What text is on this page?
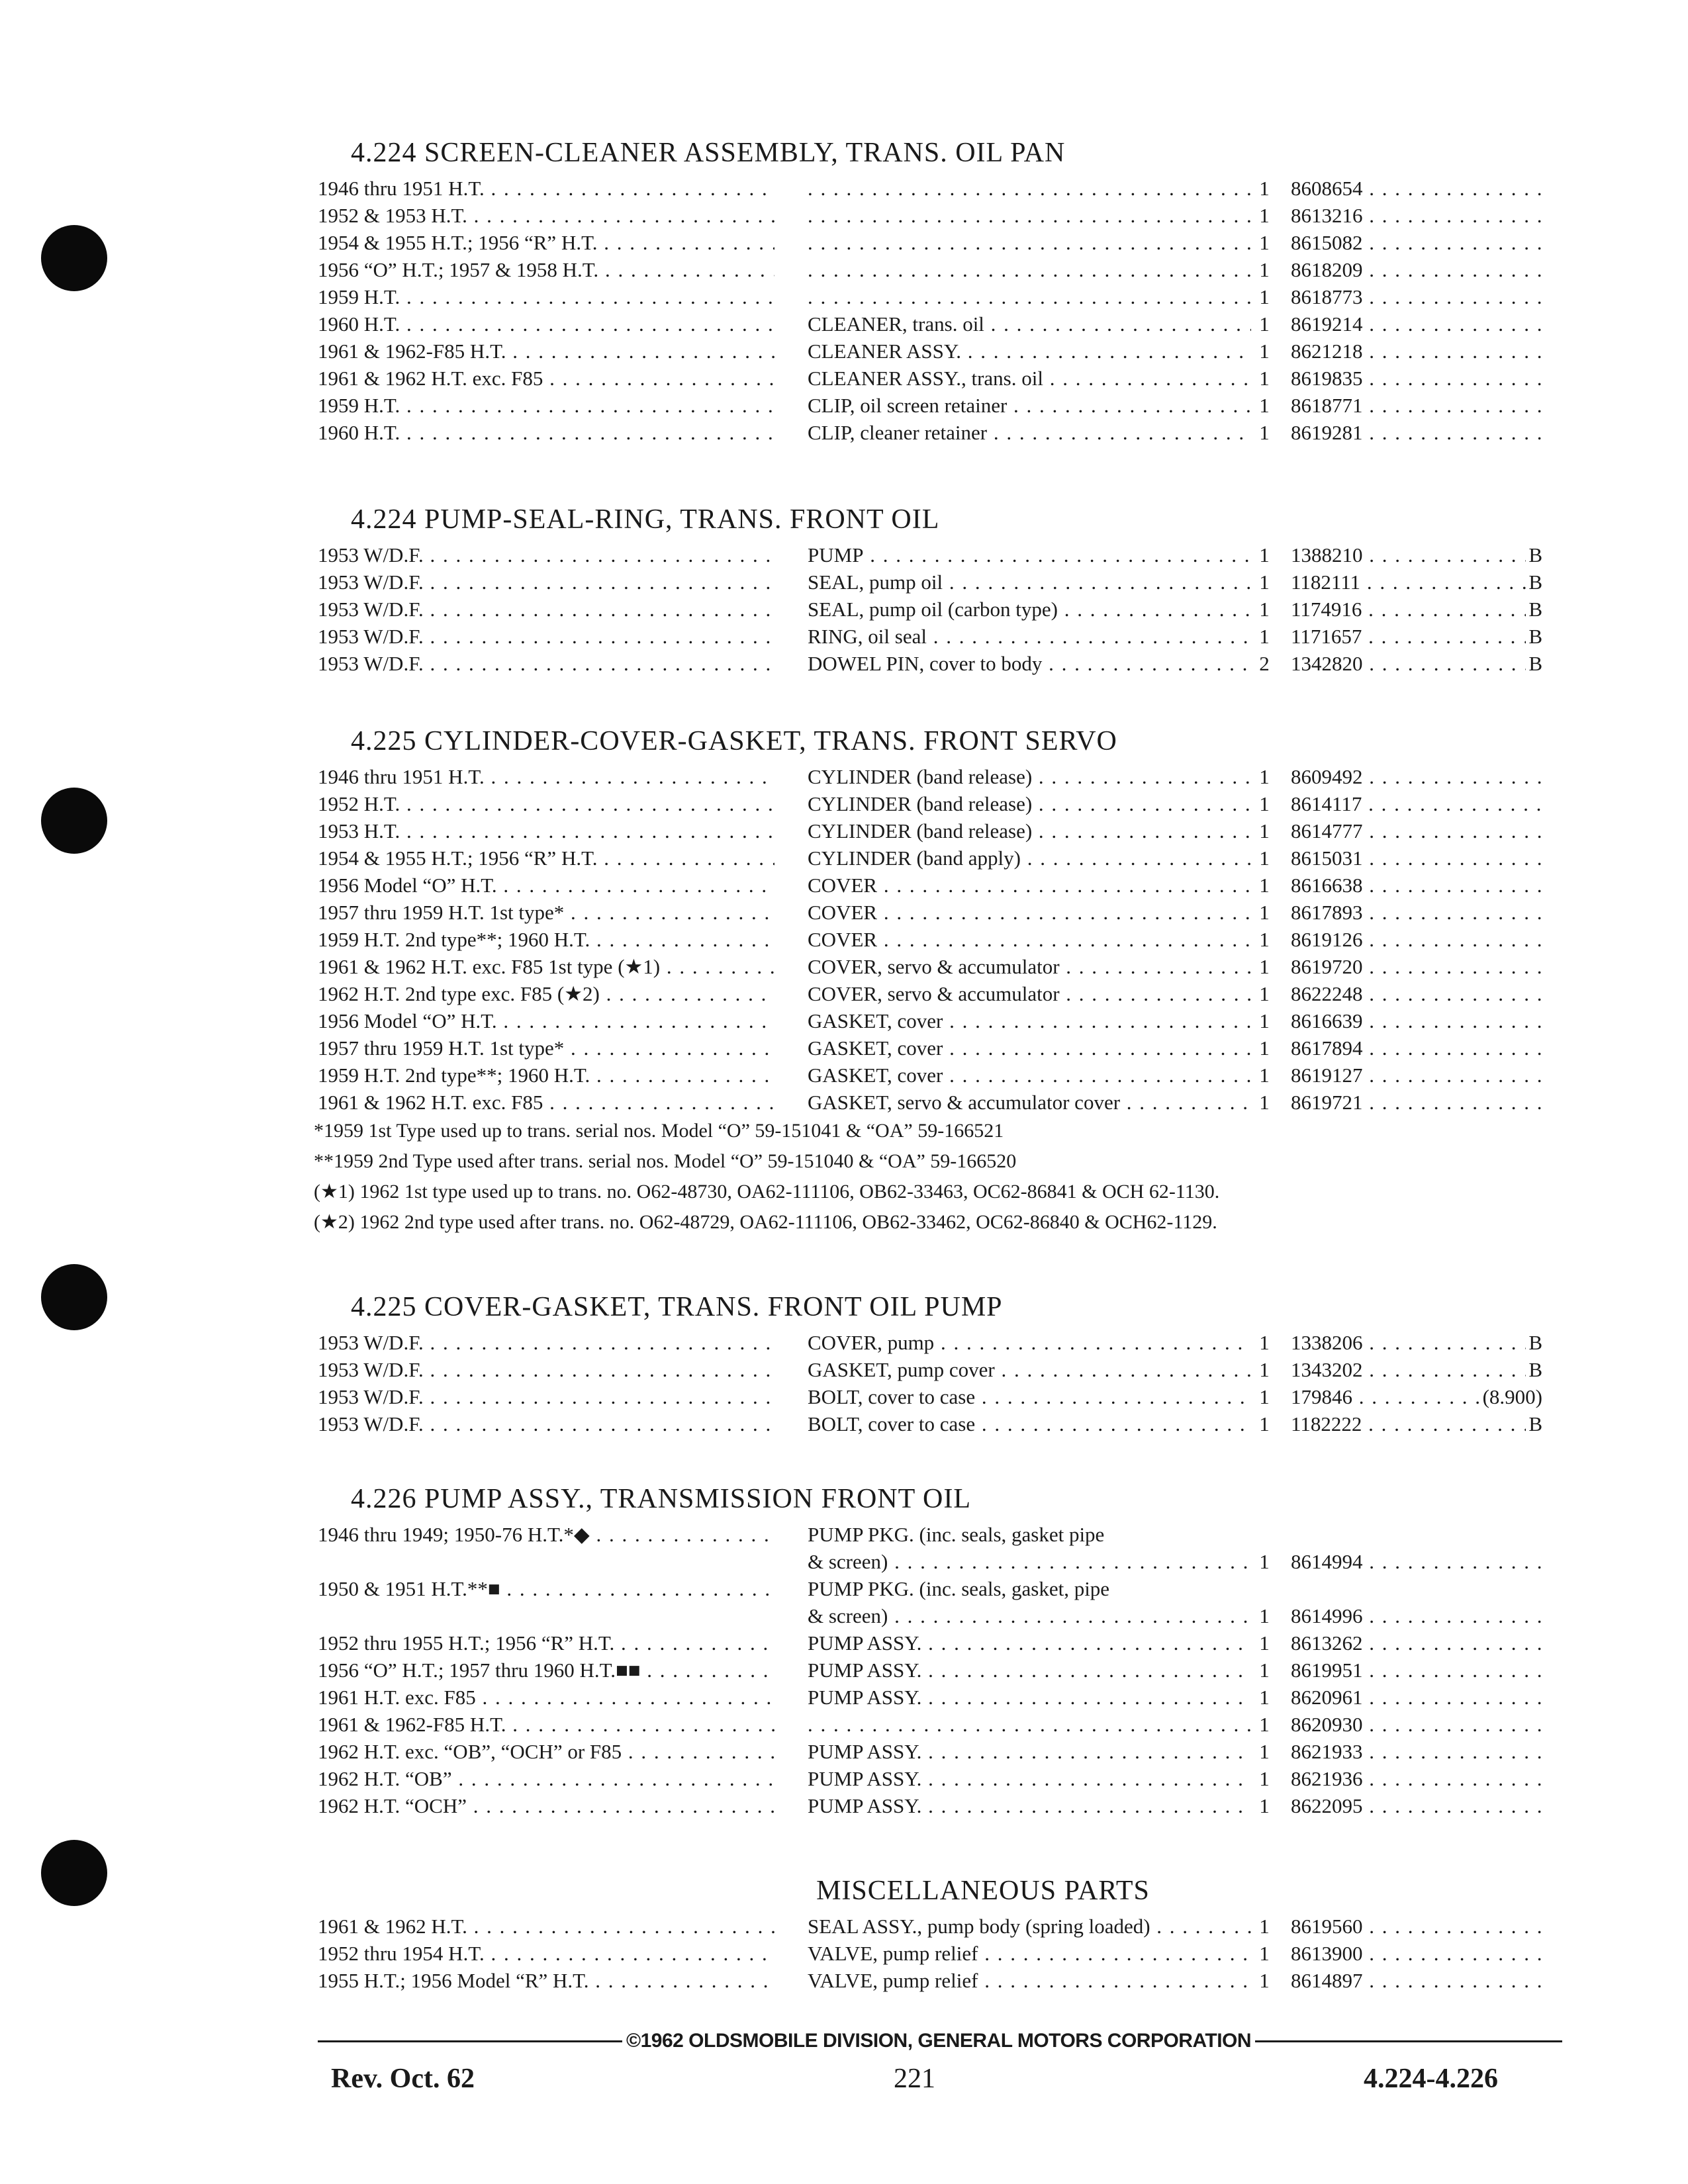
4.224 SCREEN-CLEANER ASSEMBLY, TRANS. OIL PAN
1946 thru 1951 H.T. . . . . . .	1 8608654 . . .
1952 & 1953 H.T. . . . . . .	1 8613216 . . .
1954 & 1955 H.T.; 1956 “R” H.T. . . . . . .	1 8615082 . . .
1956 “O” H.T.; 1957 & 1958 H.T. . . . . . .	1 8618209 . . .
1959 H.T. . . . . . .	1 8618773 . . .
1960 H.T. . . .	CLEANER, trans. oil . . .	1 8619214 . . .
1961 & 1962-F85 H.T. . . .	CLEANER ASSY. . . .	1 8621218 . . .
1961 & 1962 H.T. exc. F85 . . .	CLEANER ASSY., trans. oil . . .	1 8619835 . . .
1959 H.T. . . .	CLIP, oil screen retainer . . .	1 8618771 . . .
1960 H.T. . . .	CLIP, cleaner retainer . . .	1 8619281 . . .
4.224 PUMP-SEAL-RING, TRANS. FRONT OIL
1953 W/D.F. . . .	PUMP . . .	1 1388210 . . .	B
1953 W/D.F. . . .	SEAL, pump oil . . .	1 1182111 . . .	B
1953 W/D.F. . . .	SEAL, pump oil (carbon type) . . .	1 1174916 . . .	B
1953 W/D.F. . . .	RING, oil seal . . .	1 1171657 . . .	B
1953 W/D.F. . . .	DOWEL PIN, cover to body . . .	2 1342820 . . .	B
4.225 CYLINDER-COVER-GASKET, TRANS. FRONT SERVO
1946 thru 1951 H.T. . . .	CYLINDER (band release) . . .	1 8609492 . . .
1952 H.T. . . .	CYLINDER (band release) . . .	1 8614117 . . .
1953 H.T. . . .	CYLINDER (band release) . . .	1 8614777 . . .
1954 & 1955 H.T.; 1956 “R” H.T. . . .	CYLINDER (band apply) . . .	1 8615031 . . .
1956 Model “O” H.T. . . .	COVER . . .	1 8616638 . . .
1957 thru 1959 H.T. 1st type* . . .	COVER . . .	1 8617893 . . .
1959 H.T. 2nd type**; 1960 H.T. . . .	COVER . . .	1 8619126 . . .
1961 & 1962 H.T. exc. F85 1st type (★1) . . .	COVER, servo & accumulator . . .	1 8619720 . . .
1962 H.T. 2nd type exc. F85 (★2) . . .	COVER, servo & accumulator . . .	1 8622248 . . .
1956 Model “O” H.T. . . .	GASKET, cover . . .	1 8616639 . . .
1957 thru 1959 H.T. 1st type* . . .	GASKET, cover . . .	1 8617894 . . .
1959 H.T. 2nd type**; 1960 H.T. . . .	GASKET, cover . . .	1 8619127 . . .
1961 & 1962 H.T. exc. F85 . . .	GASKET, servo & accumulator cover . . .	1 8619721 . . .
*1959 1st Type used up to trans. serial nos. Model “O” 59-151041 & “OA” 59-166521
**1959 2nd Type used after trans. serial nos. Model “O” 59-151040 & “OA” 59-166520
(★1) 1962 1st type used up to trans. no. O62-48730, OA62-111106, OB62-33463, OC62-86841 & OCH 62-1130.
(★2) 1962 2nd type used after trans. no. O62-48729, OA62-111106, OB62-33462, OC62-86840 & OCH62-1129.
4.225 COVER-GASKET, TRANS. FRONT OIL PUMP
1953 W/D.F. . . .	COVER, pump . . .	1 1338206 . . .	B
1953 W/D.F. . . .	GASKET, pump cover . . .	1 1343202 . . .	B
1953 W/D.F. . . .	BOLT, cover to case . . .	1 179846 . . .	(8.900)
1953 W/D.F. . . .	BOLT, cover to case . . .	1 1182222 . . .	B
4.226 PUMP ASSY., TRANSMISSION FRONT OIL
1946 thru 1949; 1950-76 H.T.*◆ . . .	PUMP PKG. (inc. seals, gasket pipe
& screen) . . .	1 8614994 . . .
1950 & 1951 H.T.**■ . . .	PUMP PKG. (inc. seals, gasket, pipe
& screen) . . .	1 8614996 . . .
1952 thru 1955 H.T.; 1956 “R” H.T. . . .	PUMP ASSY. . . .	1 8613262 . . .
1956 “O” H.T.; 1957 thru 1960 H.T.■■ . . .	PUMP ASSY. . . .	1 8619951 . . .
1961 H.T. exc. F85 . . .	PUMP ASSY. . . .	1 8620961 . . .
1961 & 1962-F85 H.T. . . . . . .	1 8620930 . . .
1962 H.T. exc. “OB”, “OCH” or F85 . . .	PUMP ASSY. . . .	1 8621933 . . .
1962 H.T. “OB” . . .	PUMP ASSY. . . .	1 8621936 . . .
1962 H.T. “OCH” . . .	PUMP ASSY. . . .	1 8622095 . . .
MISCELLANEOUS PARTS
1961 & 1962 H.T. . . .	SEAL ASSY., pump body (spring loaded) . . .	1 8619560 . . .
1952 thru 1954 H.T. . . .	VALVE, pump relief . . .	1 8613900 . . .
1955 H.T.; 1956 Model “R” H.T. . . .	VALVE, pump relief . . .	1 8614897 . . .
©1962 OLDSMOBILE DIVISION, GENERAL MOTORS CORPORATION
Rev. Oct. 62	221	4.224-4.226
